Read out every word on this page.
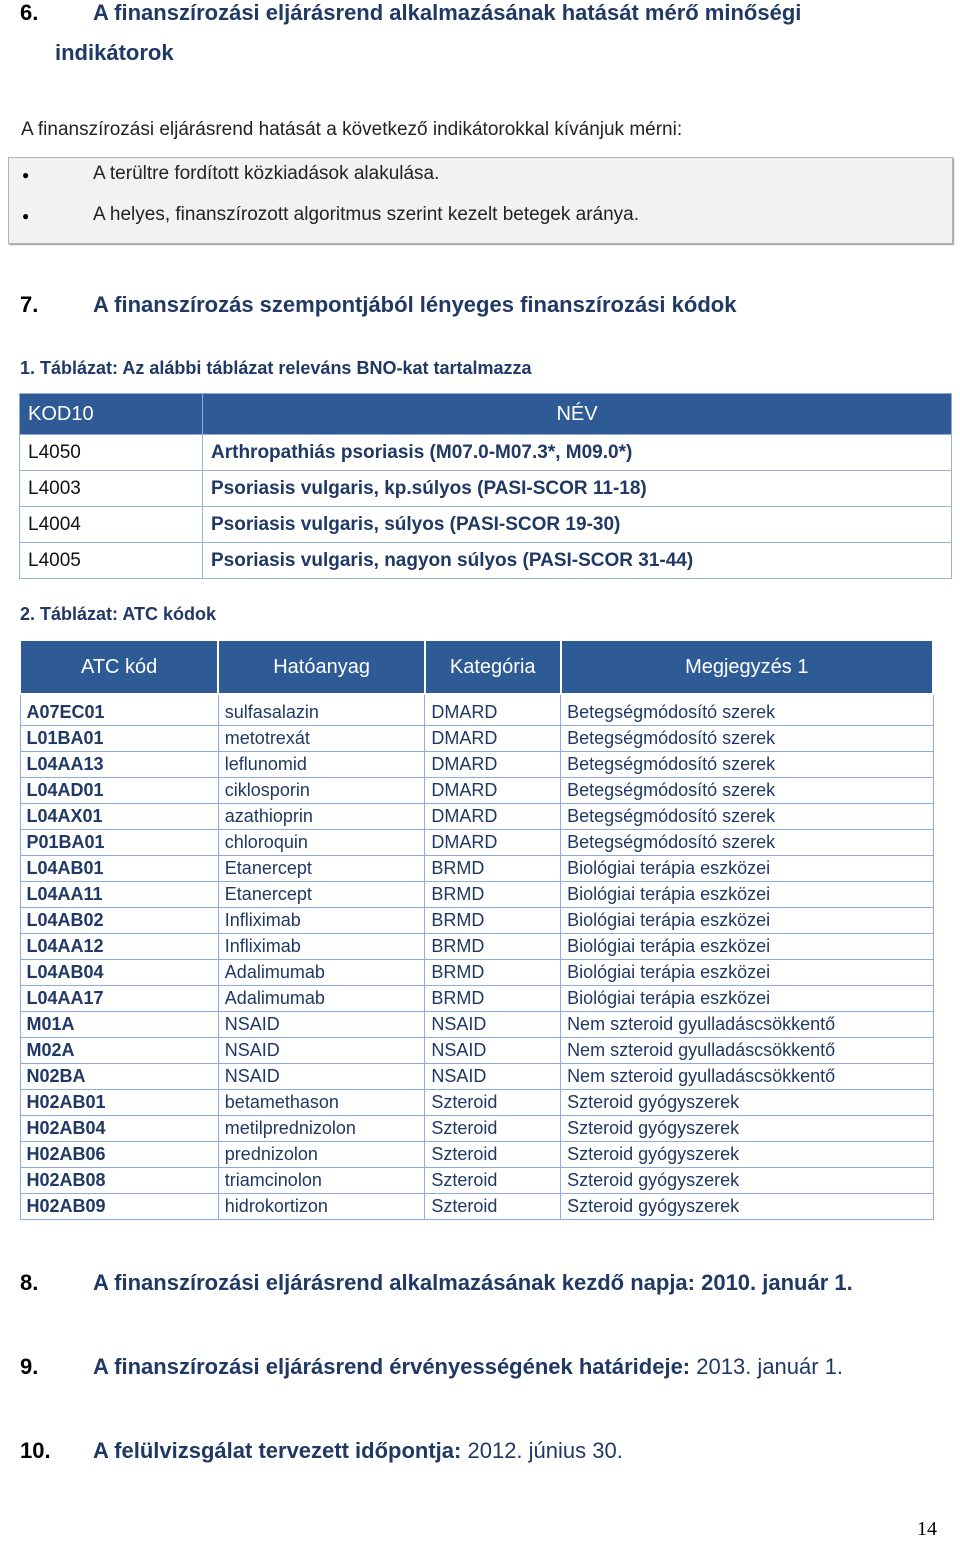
6. A finanszírozási eljárásrend alkalmazásának hatását mérő minőségi
indikátorok
A finanszírozási eljárásrend hatását a következő indikátorokkal kívánjuk mérni:
●	A terültre fordított közkiadások alakulása.
●	A helyes, finanszírozott algoritmus szerint kezelt betegek aránya.
7. A finanszírozás szempontjából lényeges finanszírozási kódok
1. Táblázat: Az alábbi táblázat releváns BNO-kat tartalmazza
KOD10	NÉV
L4050	Arthropathiás psoriasis (M07.0-M07.3*, M09.0*)
L4003	Psoriasis vulgaris, kp.súlyos (PASI-SCOR 11-18)
L4004	Psoriasis vulgaris, súlyos (PASI-SCOR 19-30)
L4005	Psoriasis vulgaris, nagyon súlyos (PASI-SCOR 31-44)
2. Táblázat: ATC kódok
ATC kód	Hatóanyag	Kategória	Megjegyzés 1
A07EC01	sulfasalazin	DMARD	Betegségmódosító szerek
L01BA01	metotrexát	DMARD	Betegségmódosító szerek
L04AA13	leflunomid	DMARD	Betegségmódosító szerek
L04AD01	ciklosporin	DMARD	Betegségmódosító szerek
L04AX01	azathioprin	DMARD	Betegségmódosító szerek
P01BA01	chloroquin	DMARD	Betegségmódosító szerek
L04AB01	Etanercept	BRMD	Biológiai terápia eszközei
L04AA11	Etanercept	BRMD	Biológiai terápia eszközei
L04AB02	Infliximab	BRMD	Biológiai terápia eszközei
L04AA12	Infliximab	BRMD	Biológiai terápia eszközei
L04AB04	Adalimumab	BRMD	Biológiai terápia eszközei
L04AA17	Adalimumab	BRMD	Biológiai terápia eszközei
M01A	NSAID	NSAID	Nem szteroid gyulladáscsökkentő
M02A	NSAID	NSAID	Nem szteroid gyulladáscsökkentő
N02BA	NSAID	NSAID	Nem szteroid gyulladáscsökkentő
H02AB01	betamethason	Szteroid	Szteroid gyógyszerek
H02AB04	metilprednizolon	Szteroid	Szteroid gyógyszerek
H02AB06	prednizolon	Szteroid	Szteroid gyógyszerek
H02AB08	triamcinolon	Szteroid	Szteroid gyógyszerek
H02AB09	hidrokortizon	Szteroid	Szteroid gyógyszerek
8. A finanszírozási eljárásrend alkalmazásának kezdő napja: 2010. január 1.
9. A finanszírozási eljárásrend érvényességének határideje: 2013. január 1.
10. A felülvizsgálat tervezett időpontja: 2012. június 30.
14
